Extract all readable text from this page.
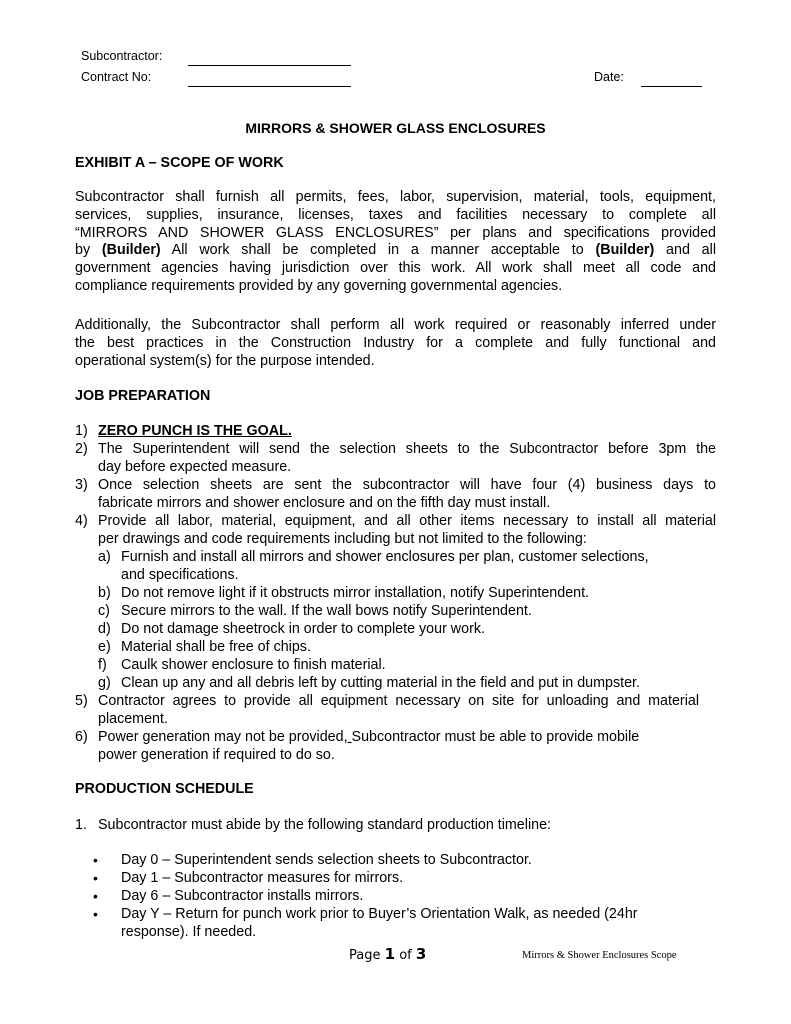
Subcontractor:
Contract No:	Date:
MIRRORS & SHOWER GLASS ENCLOSURES
EXHIBIT A – SCOPE OF WORK
Subcontractor shall furnish all permits, fees, labor, supervision, material, tools, equipment,
services, supplies, insurance, licenses, taxes and facilities necessary to complete all
“MIRRORS AND SHOWER GLASS ENCLOSURES” per plans and specifications provided
by (Builder) All work shall be completed in a manner acceptable to (Builder) and all
government agencies having jurisdiction over this work. All work shall meet all code and
compliance requirements provided by any governing governmental agencies.
Additionally, the Subcontractor shall perform all work required or reasonably inferred under
the best practices in the Construction Industry for a complete and fully functional and
operational system(s) for the purpose intended.
JOB PREPARATION
1) ZERO PUNCH IS THE GOAL.
2) The Superintendent will send the selection sheets to the Subcontractor before 3pm the
day before expected measure.
3) Once selection sheets are sent the subcontractor will have four (4) business days to
fabricate mirrors and shower enclosure and on the fifth day must install.
4) Provide all labor, material, equipment, and all other items necessary to install all material
per drawings and code requirements including but not limited to the following:
a) Furnish and install all mirrors and shower enclosures per plan, customer selections,
and specifications.
b) Do not remove light if it obstructs mirror installation, notify Superintendent.
c) Secure mirrors to the wall. If the wall bows notify Superintendent.
d) Do not damage sheetrock in order to complete your work.
e) Material shall be free of chips.
f) Caulk shower enclosure to finish material.
g) Clean up any and all debris left by cutting material in the field and put in dumpster.
5) Contractor agrees to provide all equipment necessary on site for unloading and material
placement.
6) Power generation may not be provided, Subcontractor must be able to provide mobile
power generation if required to do so.
PRODUCTION SCHEDULE
1. Subcontractor must abide by the following standard production timeline:
• Day 0 – Superintendent sends selection sheets to Subcontractor.
• Day 1 – Subcontractor measures for mirrors.
• Day 6 – Subcontractor installs mirrors.
• Day Y – Return for punch work prior to Buyer’s Orientation Walk, as needed (24hr
response). If needed.
Page 1 of 3	Mirrors & Shower Enclosures Scope
